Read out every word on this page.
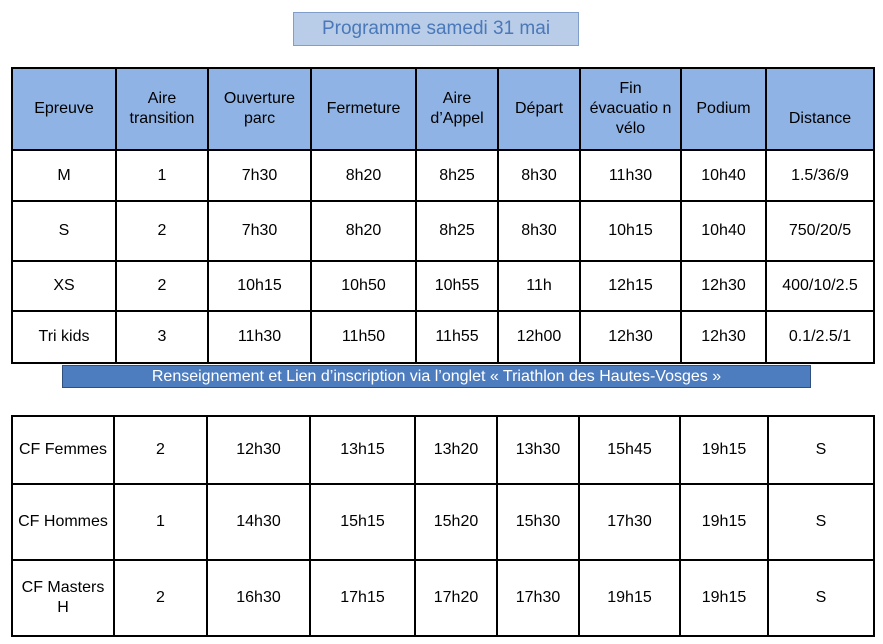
Programme samedi 31 mai
Epreuve	Aire transition	Ouverture parc	Fermeture	Aire d’Appel	Départ	Fin évacuatio n vélo	Podium	Distance
M	1	7h30	8h20	8h25	8h30	11h30	10h40	1.5/36/9
S	2	7h30	8h20	8h25	8h30	10h15	10h40	750/20/5
XS	2	10h15	10h50	10h55	11h	12h15	12h30	400/10/2.5
Tri kids	3	11h30	11h50	11h55	12h00	12h30	12h30	0.1/2.5/1
Renseignement et Lien d’inscription via l’onglet « Triathlon des Hautes-Vosges »
CF Femmes	2	12h30	13h15	13h20	13h30	15h45	19h15	S
CF Hommes	1	14h30	15h15	15h20	15h30	17h30	19h15	S
CF Masters H	2	16h30	17h15	17h20	17h30	19h15	19h15	S
